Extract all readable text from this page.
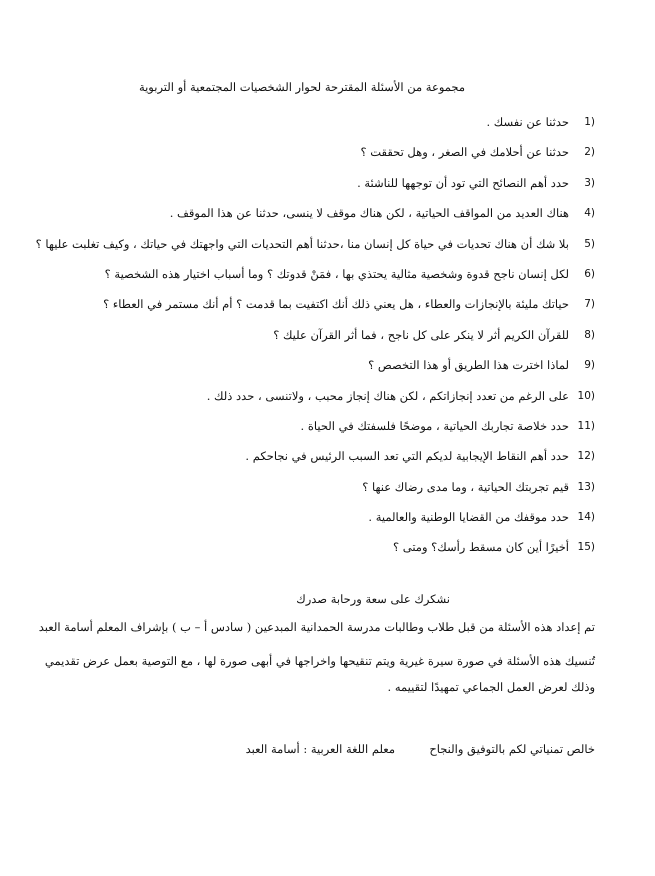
مجموعة من الأسئلة المقترحة لحوار الشخصيات المجتمعية أو التربوية
1)
حدثنا عن نفسك .
2)
حدثنا عن أحلامك في الصغر ، وهل تحققت ؟
3)
حدد أهم النصائح التي تود أن توجهها للناشئة .
4)
هناك العديد من المواقف الحياتية ، لكن هناك موقف لا ينسى، حدثنا عن هذا الموقف .
5)
بلا شك أن هناك تحديات في حياة كل إنسان منا ،حدثنا أهم التحديات التي واجهتك في حياتك ، وكيف تغلبت عليها ؟
6)
لكل إنسان ناجح قدوة وشخصية مثالية يحتذي بها ، فمَنْ قدوتك ؟ وما أسباب اختيار هذه الشخصية ؟
7)
حياتك مليئة بالإنجازات والعطاء ، هل يعني ذلك أنك اكتفيت بما قدمت ؟ أم أنك مستمر في العطاء ؟
8)
للقرآن الكريم أثر لا ينكر على كل ناجح ، فما أثر القرآن عليك ؟
9)
لماذا اخترت هذا الطريق أو هذا التخصص ؟
10)
على الرغم من تعدد إنجازاتكم ، لكن هناك إنجاز محبب ، ولاتنسى ، حدد ذلك .
11)
حدد خلاصة تجاربك الحياتية ، موضحًا فلسفتك في الحياة .
12)
حدد أهم النقاط الإيجابية لديكم التي تعد السبب الرئيس في نجاحكم .
13)
قيم تجربتك الحياتية ، وما مدى رضاك عنها ؟
14)
حدد موقفك من القضايا الوطنية والعالمية .
15)
أخيرًا أين كان مسقط رأسك؟ ومتى ؟
نشكرك على سعة ورحابة صدرك
تم إعداد هذه الأسئلة من قبل طلاب وطالبات مدرسة الحمدانية المبدعين ( سادس أ – ب ) بإشراف المعلم أسامة العبد
تُنسيك هذه الأسئلة في صورة سيرة غيرية ويتم تنقيحها واخراجها في أبهى صورة لها ، مع التوصية بعمل عرض تقديمي وذلك لعرض العمل الجماعي تمهيدًا لتقييمه .
خالص تمنياتي لكم بالتوفيق والنجاح
معلم اللغة العربية : أسامة العبد
